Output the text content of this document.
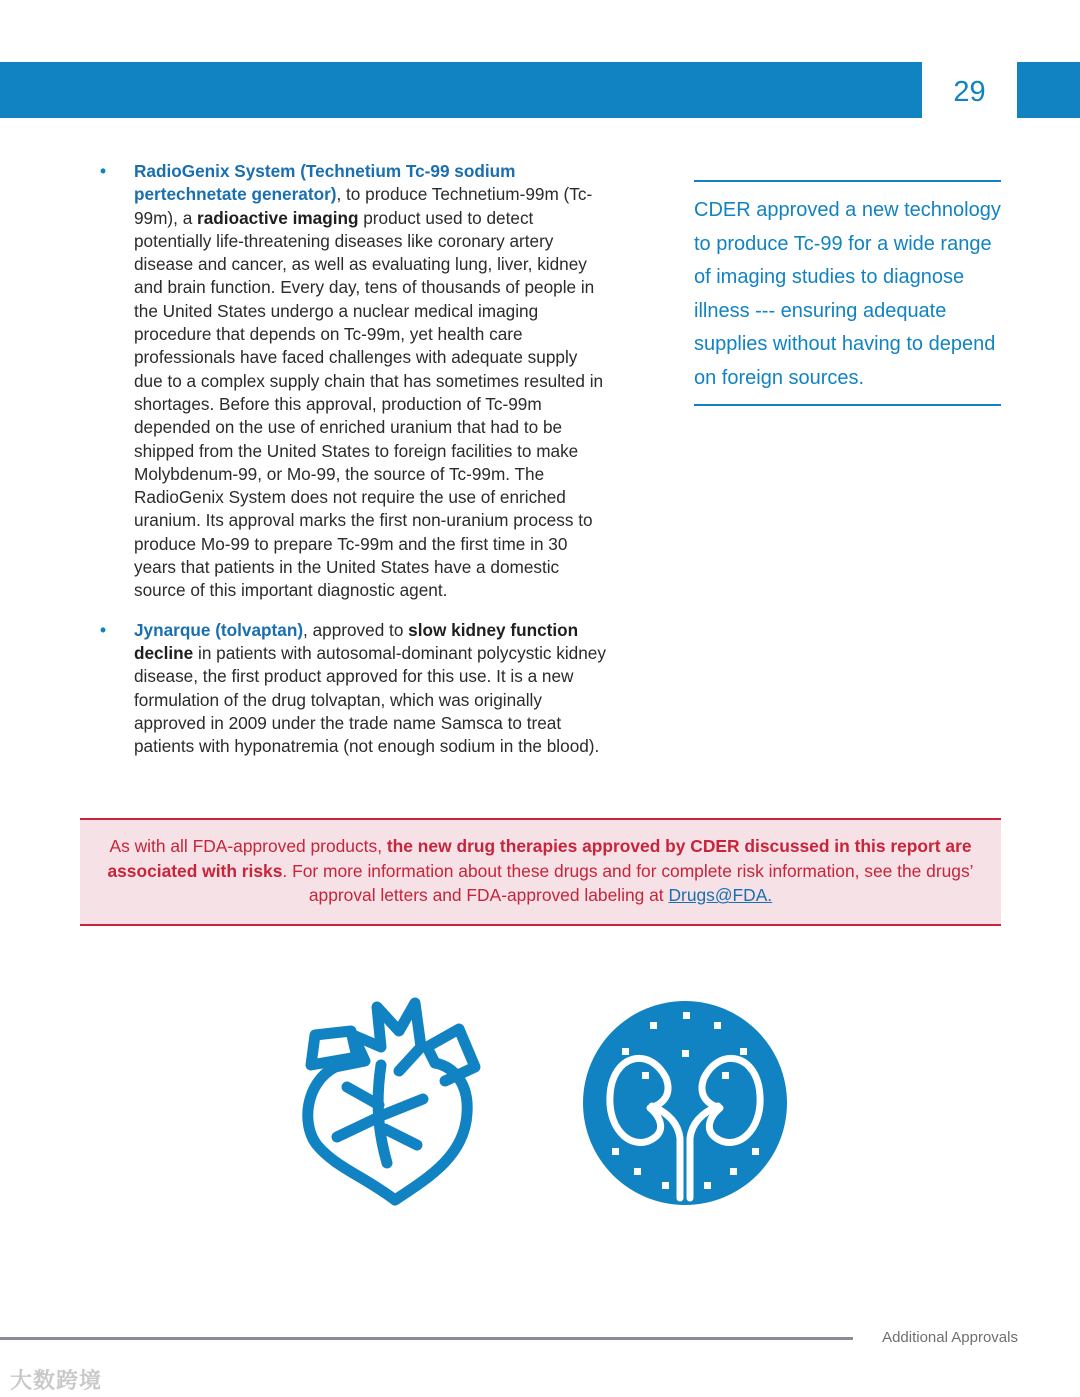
29
• RadioGenix System (Technetium Tc-99 sodium pertechnetate generator), to produce Technetium-99m (Tc-99m), a radioactive imaging product used to detect potentially life-threatening diseases like coronary artery disease and cancer, as well as evaluating lung, liver, kidney and brain function. Every day, tens of thousands of people in the United States undergo a nuclear medical imaging procedure that depends on Tc-99m, yet health care professionals have faced challenges with adequate supply due to a complex supply chain that has sometimes resulted in shortages. Before this approval, production of Tc-99m depended on the use of enriched uranium that had to be shipped from the United States to foreign facilities to make Molybdenum-99, or Mo-99, the source of Tc-99m. The RadioGenix System does not require the use of enriched uranium. Its approval marks the first non-uranium process to produce Mo-99 to prepare Tc-99m and the first time in 30 years that patients in the United States have a domestic source of this important diagnostic agent.
• Jynarque (tolvaptan), approved to slow kidney function decline in patients with autosomal-dominant polycystic kidney disease, the first product approved for this use. It is a new formulation of the drug tolvaptan, which was originally approved in 2009 under the trade name Samsca to treat patients with hyponatremia (not enough sodium in the blood).

CDER approved a new technology to produce Tc-99 for a wide range of imaging studies to diagnose illness --- ensuring adequate supplies without having to depend on foreign sources.

As with all FDA-approved products, the new drug therapies approved by CDER discussed in this report are associated with risks. For more information about these drugs and for complete risk information, see the drugs’ approval letters and FDA-approved labeling at Drugs@FDA.
Additional Approvals
大数跨境
